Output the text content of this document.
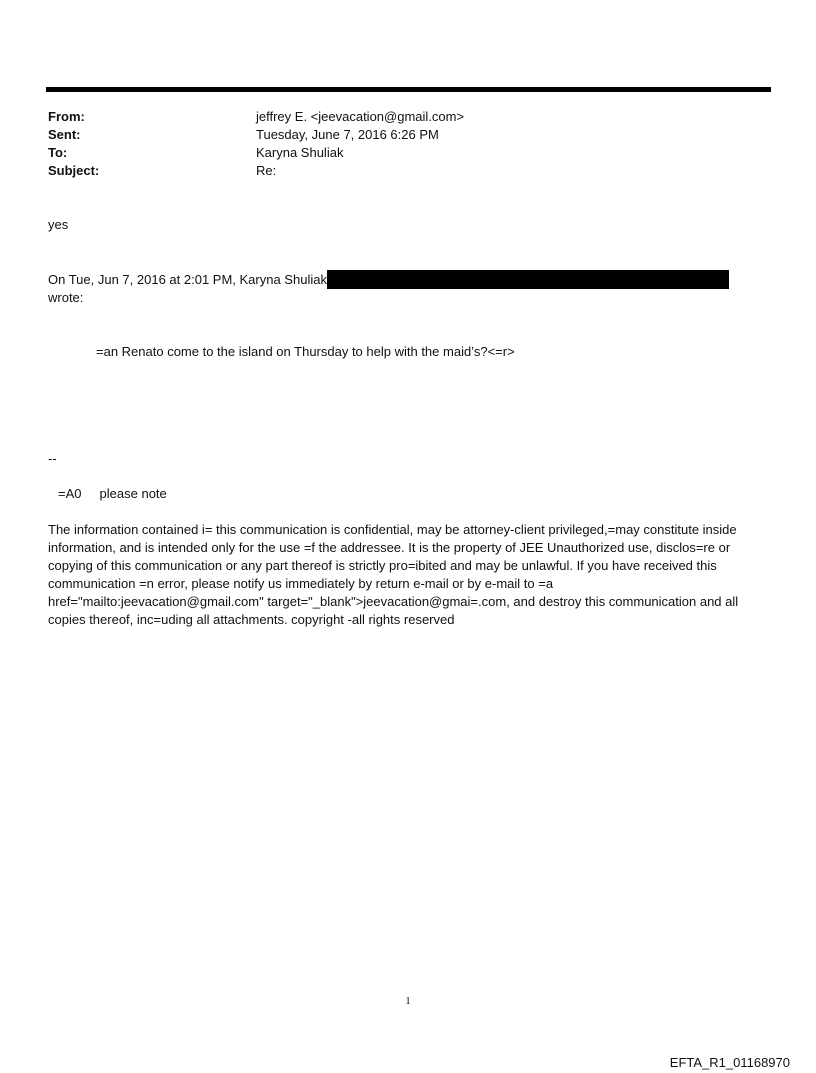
From:	jeffrey E. <jeevacation@gmail.com>
Sent:	Tuesday, June 7, 2016 6:26 PM
To:	Karyna Shuliak
Subject:	Re:
yes
On Tue, Jun 7, 2016 at 2:01 PM, Karyna Shuliak
wrote:
=an Renato come to the island on Thursday to help with the maid’s?<=r>
--
=A0     please note
The information contained i= this communication is confidential, may be attorney-client privileged,=may constitute inside information, and is intended only for the use =f the addressee. It is the property of JEE Unauthorized use, disclos=re or copying of this communication or any part thereof is strictly pro=ibited and may be unlawful. If you have received this communication =n error, please notify us immediately by return e-mail or by e-mail to =a href="mailto:jeevacation@gmail.com" target="_blank">jeevacation@gmai=.com, and destroy this communication and all copies thereof, inc=uding all attachments. copyright -all rights reserved
1
EFTA_R1_01168970
